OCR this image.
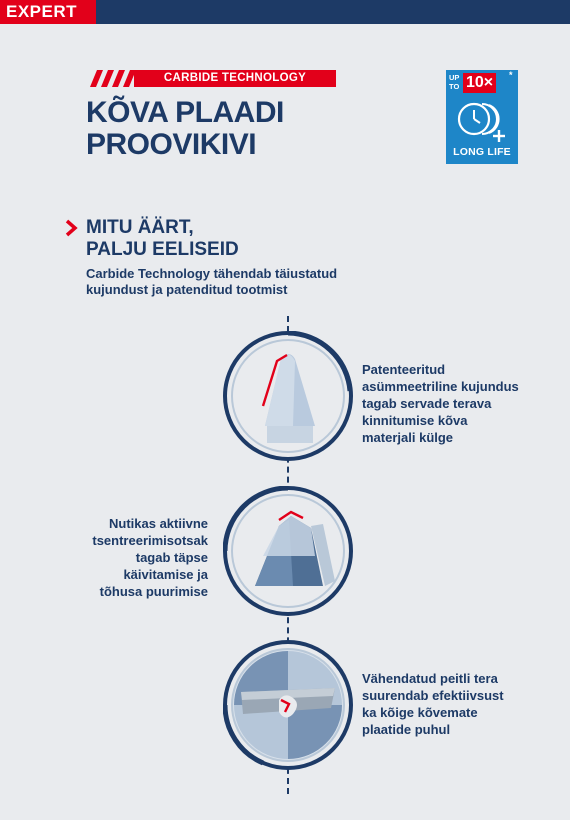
EXPERT
CARBIDE TECHNOLOGY
KÕVA PLAADI
PROOVIKIVI
UP
TO 10×	*
LONG LIFE
MITU ÄÄRT,
PALJU EELISEID
Carbide Technology tähendab täiustatud
kujundust ja patenditud tootmist
Patenteeritud
asümmeetriline kujundus
tagab servade terava
kinnitumise kõva
materjali külge
Nutikas aktiivne
tsentreerimisotsak
tagab täpse
käivitamise ja
tõhusa puurimise
Vähendatud peitli tera
suurendab efektiivsust
ka kõige kõvemate
plaatide puhul
